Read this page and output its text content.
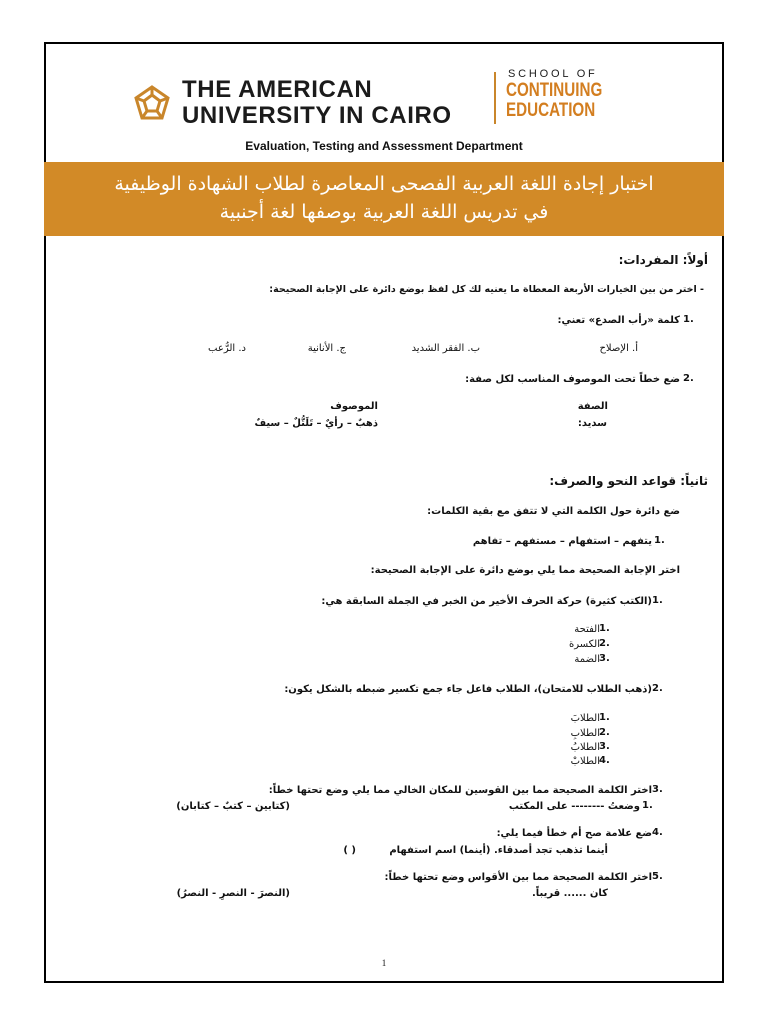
THE AMERICAN
UNIVERSITY IN CAIRO
SCHOOL OF
CONTINUING
EDUCATION
Evaluation, Testing and Assessment Department
اختبار إجادة اللغة العربية الفصحى المعاصرة لطلاب الشهادة الوظيفية
في تدريس اللغة العربية بوصفها لغة أجنبية
أولاً: المفردات:
- اختر من بين الخيارات الأربعة المعطاة ما يعنيه لك كل لفظ بوضع دائرة على الإجابة الصحيحة:
كلمة «رأب الصدع» تعني: 1.
أ. الإصلاح
ب. الفقر الشديد
ج. الأنانية
د. الرُّعب
ضع خطاً تحت الموصوف المناسب لكل صفة: 2.
الصفة
الموصوف
سديد:
ذهبٌ – رأيٌ – تَلَتُّلٌ – سيفٌ
ثانياً: قواعد النحو والصرف:
ضع دائرة حول الكلمة التي لا تتفق مع بقية الكلمات:
يتفهم – استفهام – مستفهم – تفاهم 1.
اختر الإجابة الصحيحة مما يلي بوضع دائرة على الإجابة الصحيحة:
(الكتب كثيرة) حركة الحرف الأخير من الخبر في الجملة السابقة هي: 1.
الفتحة 1.
الكسرة 2.
الضمة 3.
(ذهب الطلاب للامتحان)، الطلاب فاعل جاء جمع تكسير ضبطه بالشكل يكون: 2.
الطلابَ 1.
الطلابِ 2.
الطلابُ 3.
الطلابْ 4.
اختر الكلمة الصحيحة مما بين القوسين للمكان الخالي مما يلي وضع تحتها خطاً: 3.
وضعتُ -------- على المكتب 1.
(كتابين – كتبٌ – كتابان)
ضع علامة صح أم خطأ فيما يلي: 4.
أينما تذهب تجد أصدقاء. (أينما) اسم استفهام
( )
اختر الكلمة الصحيحة مما بين الأقواس وضع تحتها خطاً: 5.
كان ...... قريباً.
(النصرَ - النصرِ - النصرُ)
1
